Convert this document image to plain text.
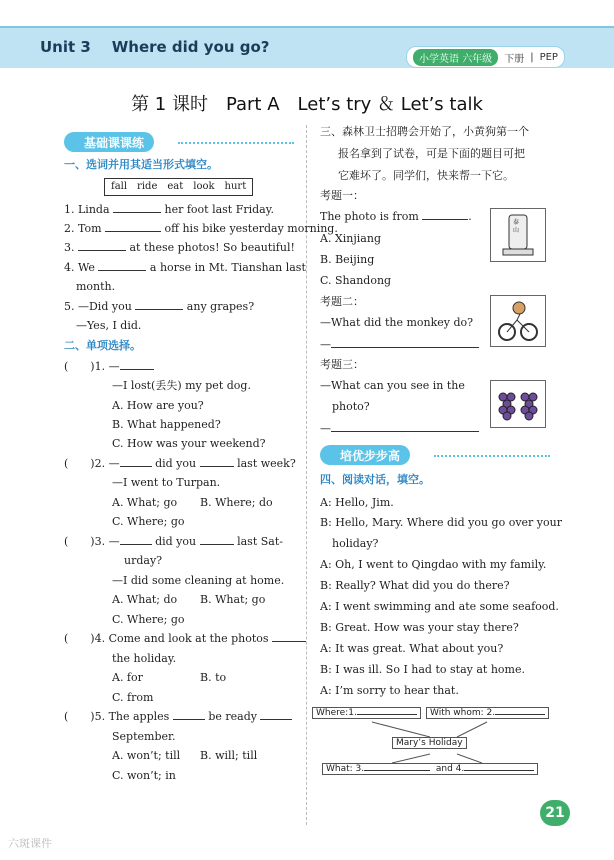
Unit 3 Where did you go?
小学英语 六年级	下册 | PEP
第 1 课时　Part A　Let’s try ＆ Let’s talk
基础课课练
一、选词并用其适当形式填空。
fall　ride　eat　look　hurt
1. Linda	her foot last Friday.
2. Tom	off his bike yesterday morning.
3.	at these photos! So beautiful!
4. We	a horse in Mt. Tianshan last
month.
5. —Did you	any grapes?
—Yes, I did.
二、单项选择。
(　　)1. —
—I lost(丢失) my pet dog.
A. How are you?
B. What happened?
C. How was your weekend?
(　　)2. —	did you	last week?
—I went to Turpan.
A. What; go B. Where; do
C. Where; go
(　　)3. —	did you	last Sat-
urday?
—I did some cleaning at home.
A. What; do B. What; go
C. Where; go
(　　)4. Come and look at the photos
the holiday.
A. for	B. to
C. from
(　　)5. The apples	be ready
September.
A. won’t; till B. will; till
C. won’t; in
三、森林卫士招聘会开始了，小黄狗第一个
报名拿到了试卷，可是下面的题目可把
它难坏了。同学们，快来帮一下它。
考题一：
The photo is from	.
A. Xinjiang
B. Beijing
C. Shandong
泰山
考题二：
—What did the monkey do?
—
考题三：
—What can you see in the
photo?
—
培优步步高
四、阅读对话，填空。
A: Hello, Jim.
B: Hello, Mary. Where did you go over your
holiday?
A: Oh, I went to Qingdao with my family.
B: Really? What did you do there?
A: I went swimming and ate some seafood.
B: Great. How was your stay there?
A: It was great. What about you?
B: I was ill. So I had to stay at home.
A: I’m sorry to hear that.
Where:1.	With whom: 2.
Mary’s Holiday
What: 3.	and 4.
21
六斑课件
